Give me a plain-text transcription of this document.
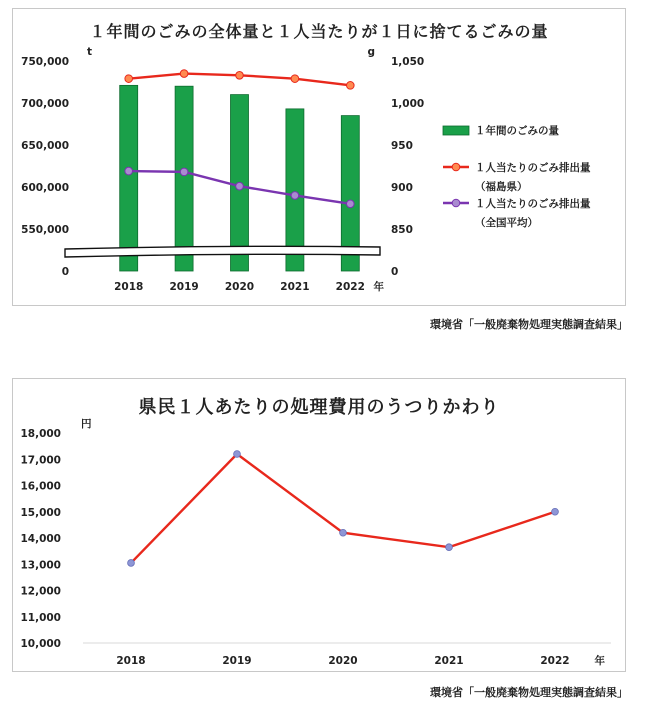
１年間のごみの全体量と１人当たりが１日に捨てるごみの量
750,000
700,000
650,000
600,000
550,000
0
1,050
1,000
950
900
850
0
t	g
2018 2019 2020 2021 2022 年
１年間のごみの量
１人当たりのごみ排出量
（福島県）
１人当たりのごみ排出量
（全国平均）
環境省「一般廃棄物処理実態調査結果」
県民１人あたりの処理費用のうつりかわり
18,000
17,000
16,000
15,000
14,000
13,000
12,000
11,000
10,000
円
2018	2019	2020	2021	2022 年
環境省「一般廃棄物処理実態調査結果」
